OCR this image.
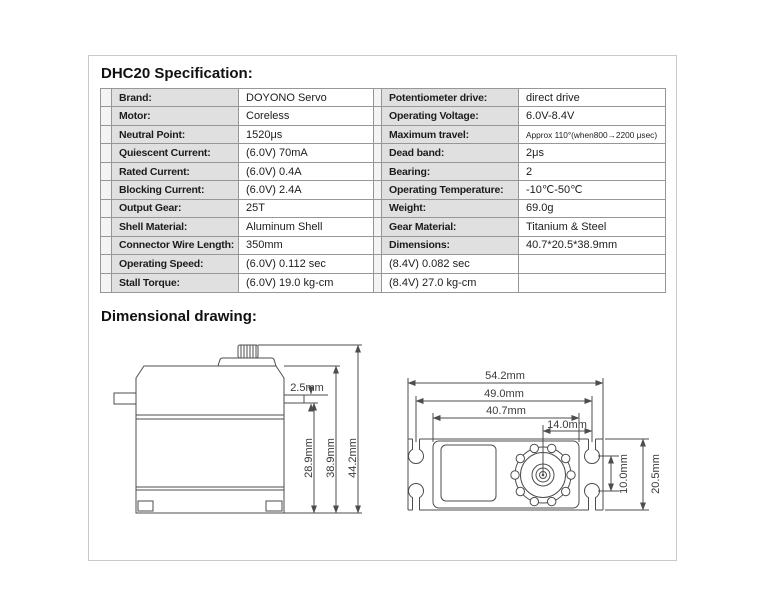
DHC20 Specification:
Brand:	DOYONO Servo	Potentiometer drive:	direct drive
Motor:	Coreless	Operating Voltage:	6.0V-8.4V
Neutral Point:	1520μs	Maximum travel:	Approx 110°(when800→2200 μsec)
Quiescent Current:	(6.0V) 70mA	Dead band:	2μs
Rated Current:	(6.0V) 0.4A	Bearing:	2
Blocking Current:	(6.0V) 2.4A	Operating Temperature:	-10℃-50℃
Output Gear:	25T	Weight:	69.0g
Shell Material:	Aluminum Shell	Gear Material:	Titanium & Steel
Connector Wire Length:	350mm	Dimensions:	40.7*20.5*38.9mm
Operating Speed:	(6.0V) 0.112 sec	(8.4V) 0.082 sec
Stall Torque:	(6.0V) 19.0 kg-cm	(8.4V) 27.0 kg-cm
Dimensional drawing:
2.5mm
28.9mm 38.9mm 44.2mm
54.2mm
49.0mm
40.7mm
14.0mm
10.0mm 20.5mm
